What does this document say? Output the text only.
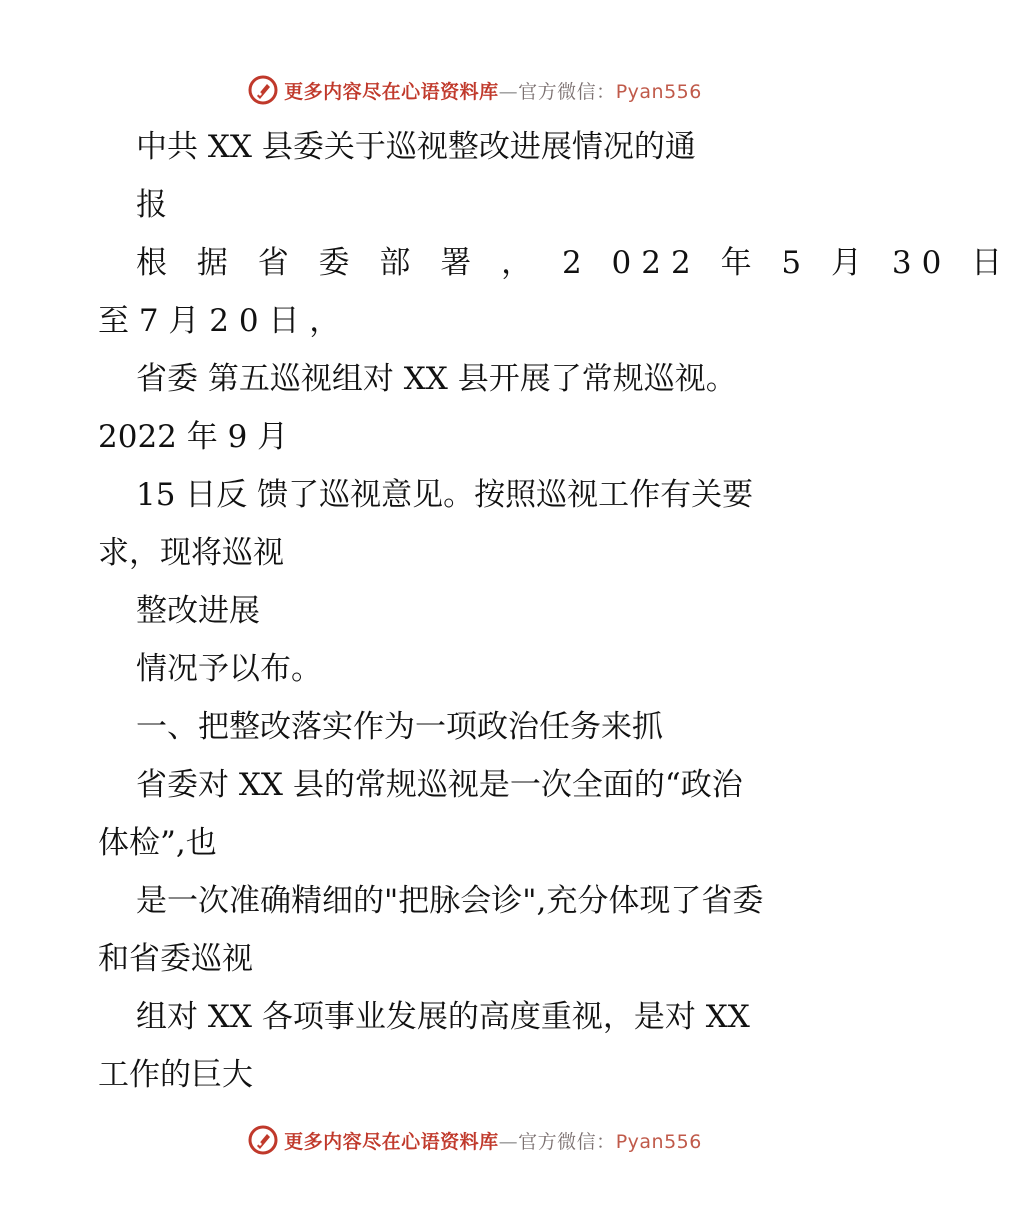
更多内容尽在心语资料库—官方微信：Pyan556
中共 XX 县委关于巡视整改进展情况的通
报
根 据 省 委 部 署 ， 2 022 年 5 月 30 日
至 7 月 2 0 日 ，
省委 第五巡视组对 XX 县开展了常规巡视。
2022 年 9 月
15 日反 馈了巡视意见。按照巡视工作有关要
求，现将巡视
整改进展
情况予以布。
一、把整改落实作为一项政治任务来抓
省委对 XX 县的常规巡视是一次全面的“政治
体检”,也
是一次准确精细的"把脉会诊",充分体现了省委
和省委巡视
组对 XX 各项事业发展的高度重视，是对 XX
工作的巨大
更多内容尽在心语资料库—官方微信：Pyan556
